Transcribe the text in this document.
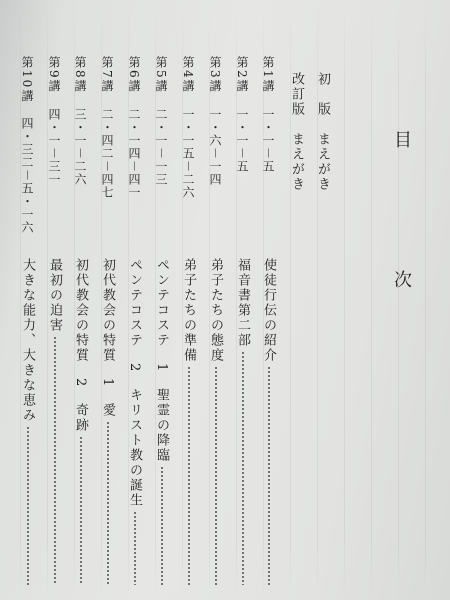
目　次
初　版　まえがき
改訂版　まえがき
第1講
一・一－五
第2講
一・一－五
第3講
一・六－一四
第4講
一・一五－二六
第5講
二・一－一三
第6講
二・一四－四一
第7講
二・四二－四七
第8講
三・一－二六
第9講
四・一－三一
第10講
四・三二－五・一六
使徒行伝の紹介
福音書第二部
弟子たちの態度
弟子たちの準備
ペンテコステ　1　聖霊の降臨
ペンテコステ　2　キリスト教の誕生
初代教会の特質　1　愛
初代教会の特質　2　奇跡
最初の迫害
大きな能力、大きな恵み
